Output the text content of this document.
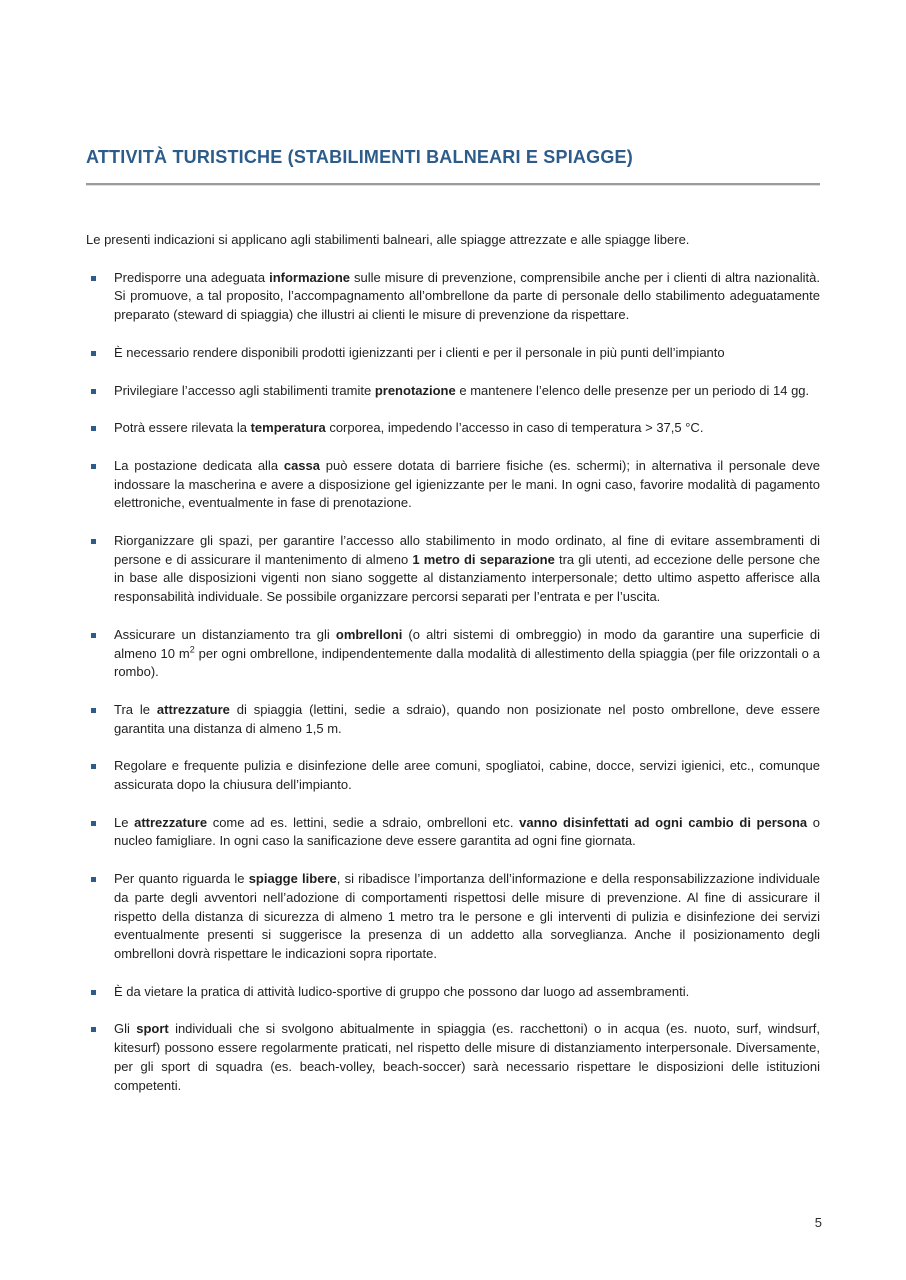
ATTIVITÀ TURISTICHE (STABILIMENTI BALNEARI E SPIAGGE)

Le presenti indicazioni si applicano agli stabilimenti balneari, alle spiagge attrezzate e alle spiagge libere.

Predisporre una adeguata informazione sulle misure di prevenzione, comprensibile anche per i clienti di altra nazionalità. Si promuove, a tal proposito, l’accompagnamento all’ombrellone da parte di personale dello stabilimento adeguatamente preparato (steward di spiaggia) che illustri ai clienti le misure di prevenzione da rispettare.

È necessario rendere disponibili prodotti igienizzanti per i clienti e per il personale in più punti dell’impianto

Privilegiare l’accesso agli stabilimenti tramite prenotazione e mantenere l’elenco delle presenze per un periodo di 14 gg.

Potrà essere rilevata la temperatura corporea, impedendo l’accesso in caso di temperatura > 37,5 °C.

La postazione dedicata alla cassa può essere dotata di barriere fisiche (es. schermi); in alternativa il personale deve indossare la mascherina e avere a disposizione gel igienizzante per le mani. In ogni caso, favorire modalità di pagamento elettroniche, eventualmente in fase di prenotazione.

Riorganizzare gli spazi, per garantire l’accesso allo stabilimento in modo ordinato, al fine di evitare assembramenti di persone e di assicurare il mantenimento di almeno 1 metro di separazione tra gli utenti, ad eccezione delle persone che in base alle disposizioni vigenti non siano soggette al distanziamento interpersonale; detto ultimo aspetto afferisce alla responsabilità individuale. Se possibile organizzare percorsi separati per l’entrata e per l’uscita.

Assicurare un distanziamento tra gli ombrelloni (o altri sistemi di ombreggio) in modo da garantire una superficie di almeno 10 $m^2$ per ogni ombrellone, indipendentemente dalla modalità di allestimento della spiaggia (per file orizzontali o a rombo).

Tra le attrezzature di spiaggia (lettini, sedie a sdraio), quando non posizionate nel posto ombrellone, deve essere garantita una distanza di almeno 1,5 m.

Regolare e frequente pulizia e disinfezione delle aree comuni, spogliatoi, cabine, docce, servizi igienici, etc., comunque assicurata dopo la chiusura dell’impianto.

Le attrezzature come ad es. lettini, sedie a sdraio, ombrelloni etc. vanno disinfettati ad ogni cambio di persona o nucleo famigliare. In ogni caso la sanificazione deve essere garantita ad ogni fine giornata.

Per quanto riguarda le spiagge libere, si ribadisce l’importanza dell’informazione e della responsabilizzazione individuale da parte degli avventori nell’adozione di comportamenti rispettosi delle misure di prevenzione. Al fine di assicurare il rispetto della distanza di sicurezza di almeno 1 metro tra le persone e gli interventi di pulizia e disinfezione dei servizi eventualmente presenti si suggerisce la presenza di un addetto alla sorveglianza. Anche il posizionamento degli ombrelloni dovrà rispettare le indicazioni sopra riportate.

È da vietare la pratica di attività ludico-sportive di gruppo che possono dar luogo ad assembramenti.

Gli sport individuali che si svolgono abitualmente in spiaggia (es. racchettoni) o in acqua (es. nuoto, surf, windsurf, kitesurf) possono essere regolarmente praticati, nel rispetto delle misure di distanziamento interpersonale. Diversamente, per gli sport di squadra (es. beach-volley, beach-soccer) sarà necessario rispettare le disposizioni delle istituzioni competenti.

5
